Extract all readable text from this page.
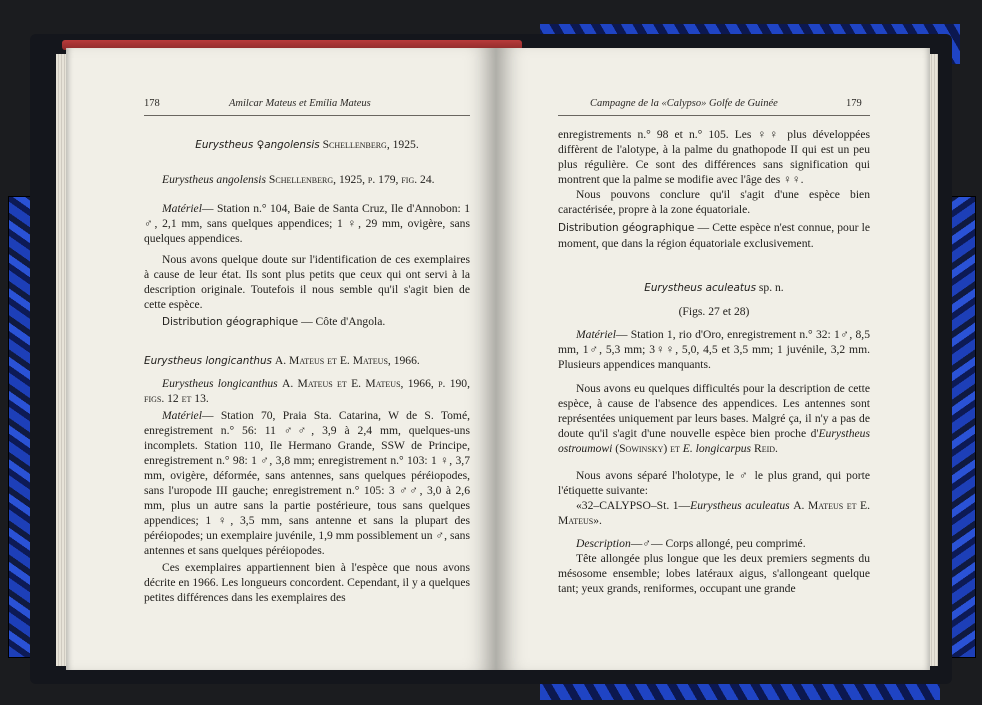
178	Amilcar Mateus et Emília Mateus
Eurystheus ♀angolensis Schellenberg, 1925.
Eurystheus angolensis Schellenberg, 1925, p. 179, fig. 24.
Matériel— Station n.° 104, Baie de Santa Cruz, Ile d'Annobon: 1 ♂, 2,1 mm, sans quelques appendices; 1 ♀, 29 mm, ovigère, sans quelques appendices.
Nous avons quelque doute sur l'identification de ces exemplaires à cause de leur état. Ils sont plus petits que ceux qui ont servi à la description originale. Toutefois il nous semble qu'il s'agit bien de cette espèce.
Distribution géographique — Côte d'Angola.
Eurystheus longicanthus A. Mateus et E. Mateus, 1966.
Eurystheus longicanthus A. Mateus et E. Mateus, 1966, p. 190, figs. 12 et 13.
Matériel— Station 70, Praia Sta. Catarina, W de S. Tomé, enregistrement n.° 56: 11 ♂♂, 3,9 à 2,4 mm, quelques-uns incomplets. Station 110, Ile Hermano Grande, SSW de Principe, enregistrement n.° 98: 1 ♂, 3,8 mm; enregistrement n.° 103: 1 ♀, 3,7 mm, ovigère, déformée, sans antennes, sans quelques péréiopodes, sans l'uropode III gauche; enregistrement n.° 105: 3 ♂♂, 3,0 à 2,6 mm, plus un autre sans la partie postérieure, tous sans quelques appendices; 1 ♀, 3,5 mm, sans antenne et sans la plupart des péréiopodes; un exemplaire juvénile, 1,9 mm possiblement un ♂, sans antennes et sans quelques péréiopodes.
Ces exemplaires appartiennent bien à l'espèce que nous avons décrite en 1966. Les longueurs concordent. Cependant, il y a quelques petites différences dans les exemplaires des
Campagne de la «Calypso» Golfe de Guinée	179
enregistrements n.° 98 et n.° 105. Les ♀♀ plus développées diffèrent de l'alotype, à la palme du gnathopode II qui est un peu plus régulière. Ce sont des différences sans signification qui montrent que la palme se modifie avec l'âge des ♀♀.
Nous pouvons conclure qu'il s'agit d'une espèce bien caractérisée, propre à la zone équatoriale.
Distribution géographique — Cette espèce n'est connue, pour le moment, que dans la région équatoriale exclusivement.
Eurystheus aculeatus sp. n.
(Figs. 27 et 28)
Matériel— Station 1, rio d'Oro, enregistrement n.° 32: 1♂, 8,5 mm, 1♂, 5,3 mm; 3♀♀, 5,0, 4,5 et 3,5 mm; 1 juvénile, 3,2 mm. Plusieurs appendices manquants.
Nous avons eu quelques difficultés pour la description de cette espèce, à cause de l'absence des appendices. Les antennes sont représentées uniquement par leurs bases. Malgré ça, il n'y a pas de doute qu'il s'agit d'une nouvelle espèce bien proche d'Eurystheus ostroumowi (Sowinsky) et E. longicarpus Reid.
Nous avons séparé l'holotype, le ♂ le plus grand, qui porte l'étiquette suivante:
«32–CALYPSO–St. 1—Eurystheus aculeatus A. Mateus et E. Mateus».
Description—♂— Corps allongé, peu comprimé.
Tête allongée plus longue que les deux premiers segments du mésosome ensemble; lobes latéraux aigus, s'allongeant quelque tant; yeux grands, reniformes, occupant une grande
